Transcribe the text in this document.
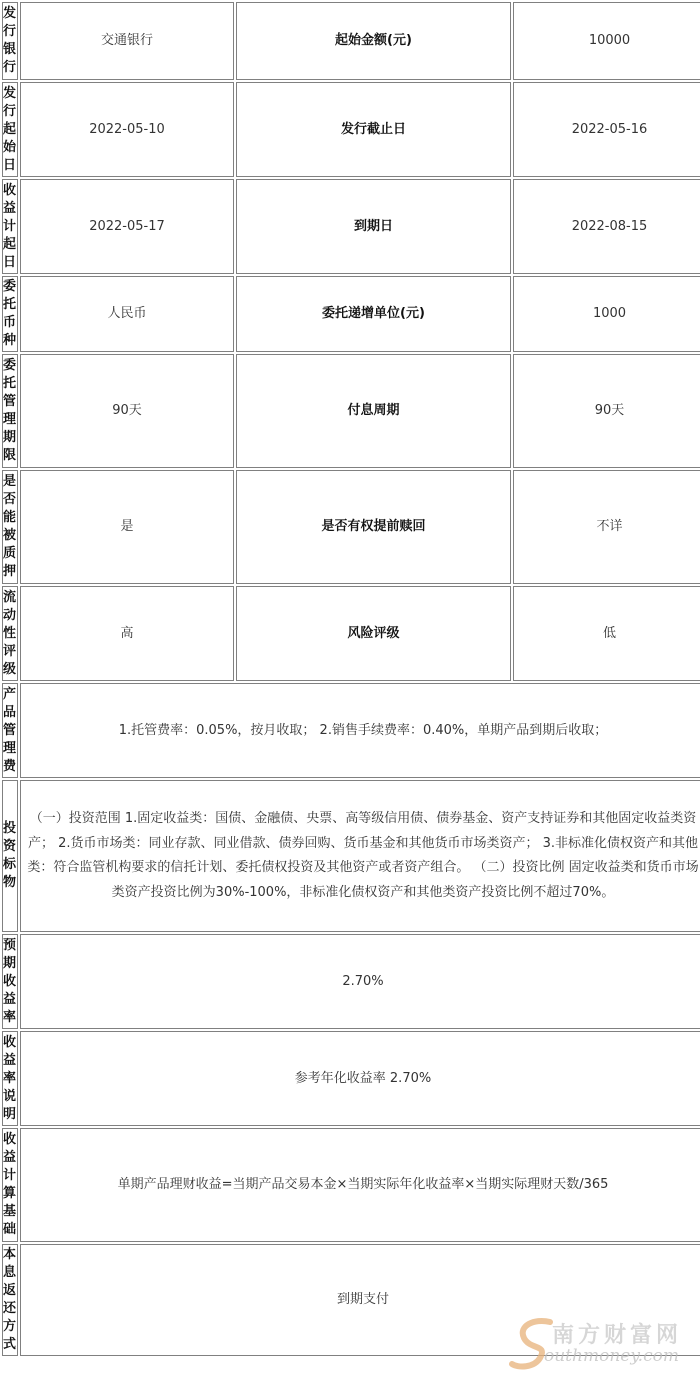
发行银行	交通银行	起始金额(元)	10000

发行起始日	2022-05-10	发行截止日	2022-05-16

收益计起日	2022-05-17	到期日	2022-08-15

委托币种	人民币	委托递增单位(元)	1000

委托管理期限	90天	付息周期	90天

是否能被质押	是	是否有权提前赎回	不详

流动性评级	高	风险评级	低

产品管理费	1.托管费率：0.05%，按月收取； 2.销售手续费率：0.40%，单期产品到期后收取；		

投资标物	（一）投资范围 1.固定收益类：国债、金融债、央票、高等级信用债、债券基金、资产支持证券和其他固定收益类资产； 2.货币市场类：同业存款、同业借款、债券回购、货币基金和其他货币市场类资产； 3.非标准化债权资产和其他类：符合监管机构要求的信托计划、委托债权投资及其他资产或者资产组合。 （二）投资比例 固定收益类和货币市场类资产投资比例为30%-100%，非标准化债权资产和其他类资产投资比例不超过70%。		

预期收益率	2.70%		

收益率说明	参考年化收益率 2.70%		

收益计算基础	单期产品理财收益=当期产品交易本金×当期实际年化收益率×当期实际理财天数/365		

本息返还方式	到期支付		
南方财富网
outhmoney.com
